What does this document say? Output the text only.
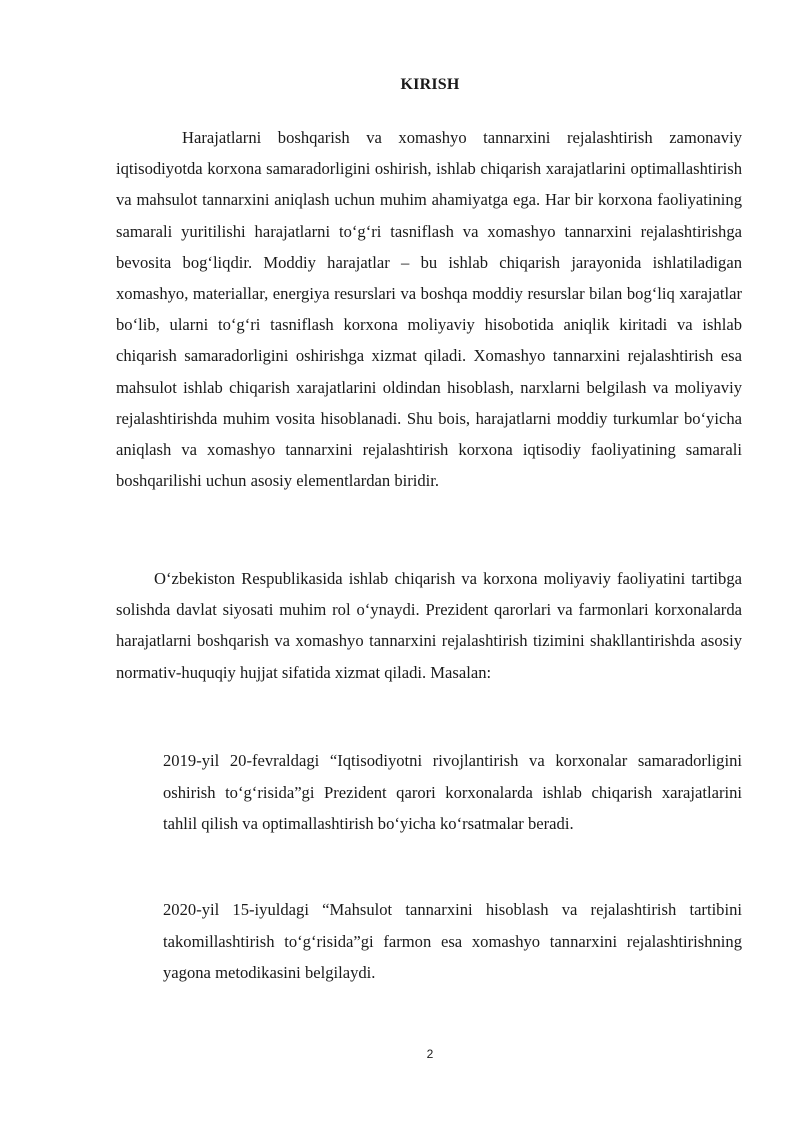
KIRISH

Harajatlarni boshqarish va xomashyo tannarxini rejalashtirish zamonaviy iqtisodiyotda korxona samaradorligini oshirish, ishlab chiqarish xarajatlarini optimallashtirish va mahsulot tannarxini aniqlash uchun muhim ahamiyatga ega. Har bir korxona faoliyatining samarali yuritilishi harajatlarni to‘g‘ri tasniflash va xomashyo tannarxini rejalashtirishga bevosita bog‘liqdir. Moddiy harajatlar – bu ishlab chiqarish jarayonida ishlatiladigan xomashyo, materiallar, energiya resurslari va boshqa moddiy resurslar bilan bog‘liq xarajatlar bo‘lib, ularni to‘g‘ri tasniflash korxona moliyaviy hisobotida aniqlik kiritadi va ishlab chiqarish samaradorligini oshirishga xizmat qiladi. Xomashyo tannarxini rejalashtirish esa mahsulot ishlab chiqarish xarajatlarini oldindan hisoblash, narxlarni belgilash va moliyaviy rejalashtirishda muhim vosita hisoblanadi. Shu bois, harajatlarni moddiy turkumlar bo‘yicha aniqlash va xomashyo tannarxini rejalashtirish korxona iqtisodiy faoliyatining samarali boshqarilishi uchun asosiy elementlardan biridir.

O‘zbekiston Respublikasida ishlab chiqarish va korxona moliyaviy faoliyatini tartibga solishda davlat siyosati muhim rol o‘ynaydi. Prezident qarorlari va farmonlari korxonalarda harajatlarni boshqarish va xomashyo tannarxini rejalashtirish tizimini shakllantirishda asosiy normativ-huquqiy hujjat sifatida xizmat qiladi. Masalan:

2019-yil 20-fevraldagi “Iqtisodiyotni rivojlantirish va korxonalar samaradorligini oshirish to‘g‘risida”gi Prezident qarori korxonalarda ishlab chiqarish xarajatlarini tahlil qilish va optimallashtirish bo‘yicha ko‘rsatmalar beradi.
2020-yil 15-iyuldagi “Mahsulot tannarxini hisoblash va rejalashtirish tartibini takomillashtirish to‘g‘risida”gi farmon esa xomashyo tannarxini rejalashtirishning yagona metodikasini belgilaydi.
2
